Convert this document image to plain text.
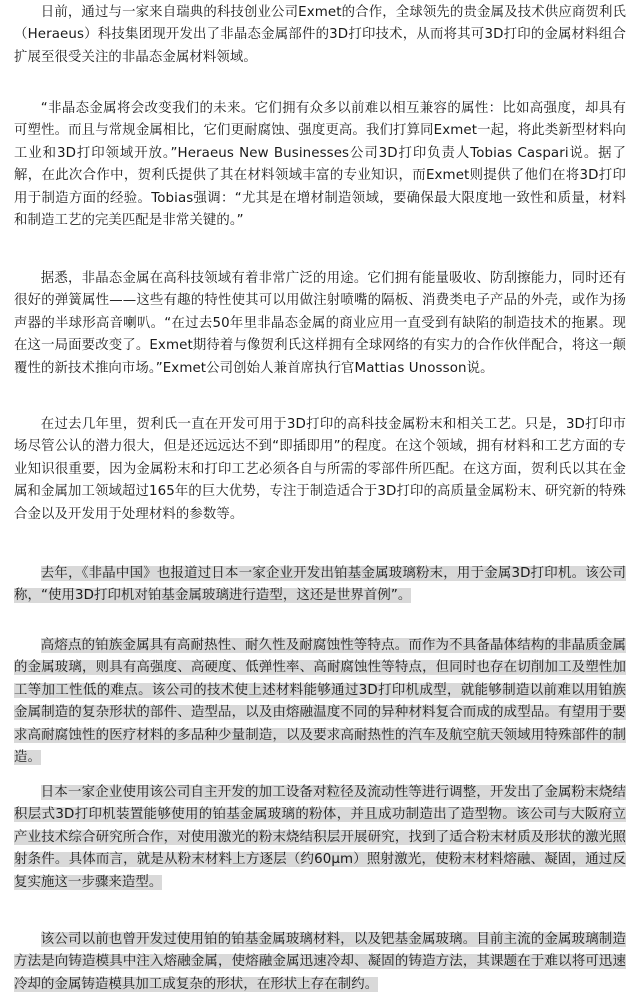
日前，通过与一家来自瑞典的科技创业公司Exmet的合作，全球领先的贵金属及技术供应商贺利氏（Heraeus）科技集团现开发出了非晶态金属部件的3D打印技术，从而将其可3D打印的金属材料组合扩展至很受关注的非晶态金属材料领域。

“非晶态金属将会改变我们的未来。它们拥有众多以前难以相互兼容的属性：比如高强度，却具有可塑性。而且与常规金属相比，它们更耐腐蚀、强度更高。我们打算同Exmet一起，将此类新型材料向工业和3D打印领域开放。”Heraeus New Businesses公司3D打印负责人Tobias Caspari说。据了解，在此次合作中，贺利氏提供了其在材料领域丰富的专业知识，而Exmet则提供了他们在将3D打印用于制造方面的经验。Tobias强调：“尤其是在增材制造领域，要确保最大限度地一致性和质量，材料和制造工艺的完美匹配是非常关键的。”

据悉，非晶态金属在高科技领域有着非常广泛的用途。它们拥有能量吸收、防刮擦能力，同时还有很好的弹簧属性——这些有趣的特性使其可以用做注射喷嘴的隔板、消费类电子产品的外壳，或作为扬声器的半球形高音喇叭。“在过去50年里非晶态金属的商业应用一直受到有缺陷的制造技术的拖累。现在这一局面要改变了。Exmet期待着与像贺利氏这样拥有全球网络的有实力的合作伙伴配合，将这一颠覆性的新技术推向市场。”Exmet公司创始人兼首席执行官Mattias Unosson说。

在过去几年里，贺利氏一直在开发可用于3D打印的高科技金属粉末和相关工艺。只是，3D打印市场尽管公认的潜力很大，但是还远远达不到“即插即用”的程度。在这个领域，拥有材料和工艺方面的专业知识很重要，因为金属粉末和打印工艺必须各自与所需的零部件所匹配。在这方面，贺利氏以其在金属和金属加工领域超过165年的巨大优势，专注于制造适合于3D打印的高质量金属粉末、研究新的特殊合金以及开发用于处理材料的参数等。

去年，《非晶中国》也报道过日本一家企业开发出铂基金属玻璃粉末，用于金属3D打印机。该公司称，“使用3D打印机对铂基金属玻璃进行造型，这还是世界首例”。

高熔点的铂族金属具有高耐热性、耐久性及耐腐蚀性等特点。而作为不具备晶体结构的非晶质金属的金属玻璃，则具有高强度、高硬度、低弹性率、高耐腐蚀性等特点，但同时也存在切削加工及塑性加工等加工性低的难点。该公司的技术使上述材料能够通过3D打印机成型，就能够制造以前难以用铂族金属制造的复杂形状的部件、造型品，以及由熔融温度不同的异种材料复合而成的成型品。有望用于要求高耐腐蚀性的医疗材料的多品种少量制造，以及要求高耐热性的汽车及航空航天领域用特殊部件的制造。

日本一家企业使用该公司自主开发的加工设备对粒径及流动性等进行调整，开发出了金属粉末烧结积层式3D打印机装置能够使用的铂基金属玻璃的粉体，并且成功制造出了造型物。该公司与大阪府立产业技术综合研究所合作，对使用激光的粉末烧结积层开展研究，找到了适合粉末材质及形状的激光照射条件。具体而言，就是从粉末材料上方逐层（约60μm）照射激光，使粉末材料熔融、凝固，通过反复实施这一步骤来造型。

该公司以前也曾开发过使用铂的铂基金属玻璃材料，以及钯基金属玻璃。目前主流的金属玻璃制造方法是向铸造模具中注入熔融金属，使熔融金属迅速冷却、凝固的铸造方法，其课题在于难以将可迅速冷却的金属铸造模具加工成复杂的形状，在形状上存在制约。
